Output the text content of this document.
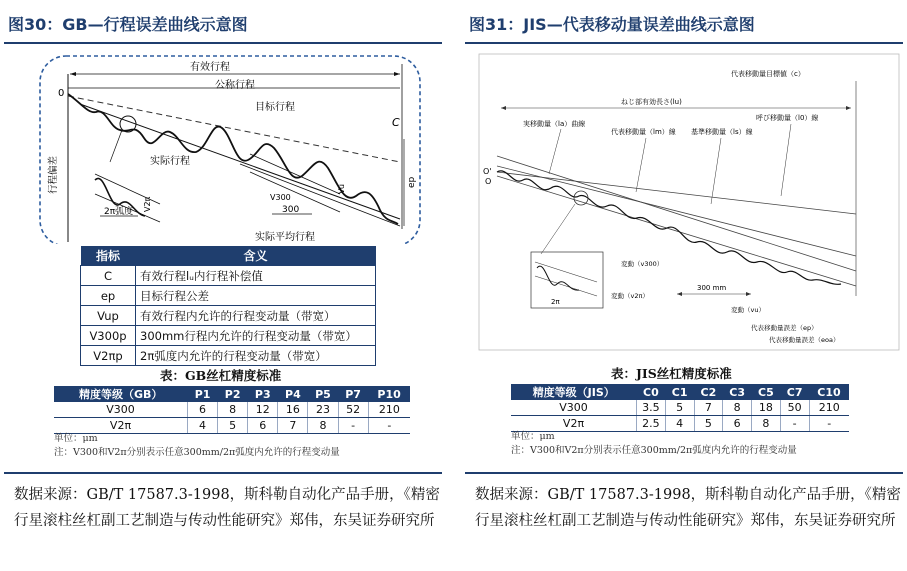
图30：GB—行程误差曲线示意图
有效行程
公称行程
0
目标行程
实际行程
实际平均行程
行程偏差
2π弧度 V2π	300
V300
Vu
C
ep
指标	含义
C	有效行程lᵤ内行程补偿值
ep	目标行程公差
Vup	有效行程内允许的行程变动量（带宽）
V300p	300mm行程内允许的行程变动量（带宽）
V2πp	2π弧度内允许的行程变动量（带宽）
表：GB丝杠精度标准
精度等级（GB）	P1	P2	P3	P4	P5	P7	P10
V300	6	8	12	16	23	52	210
V2π	4	5	6	7	8	-	-
单位：μm
注：V300和V2π分别表示任意300mm/2π弧度内允许的行程变动量
数据来源：GB/T 17587.3-1998，斯科勒自动化产品手册，《精密行星滚柱丝杠副工艺制造与传动性能研究》郑伟，东吴证券研究所
图31：JIS—代表移动量误差曲线示意图
代表移動量目標値（c）
ねじ部有効長さ(lu)
実移動量（la）曲線
代表移動量（lm）線 基準移動量（ls）線
呼び移動量（l0）線
O'
O
2π
変動（v2π）
変動（v300）
300 mm
変動（vu）
代表移動量誤差（ep）
代表移動量誤差（eoa）
表：JIS丝杠精度标准
精度等级（JIS）	C0	C1	C2	C3	C5	C7	C10
V300	3.5	5	7	8	18	50	210
V2π	2.5	4	5	6	8	-	-
单位：μm
注：V300和V2π分别表示任意300mm/2π弧度内允许的行程变动量
数据来源：GB/T 17587.3-1998，斯科勒自动化产品手册，《精密行星滚柱丝杠副工艺制造与传动性能研究》郑伟，东吴证券研究所
